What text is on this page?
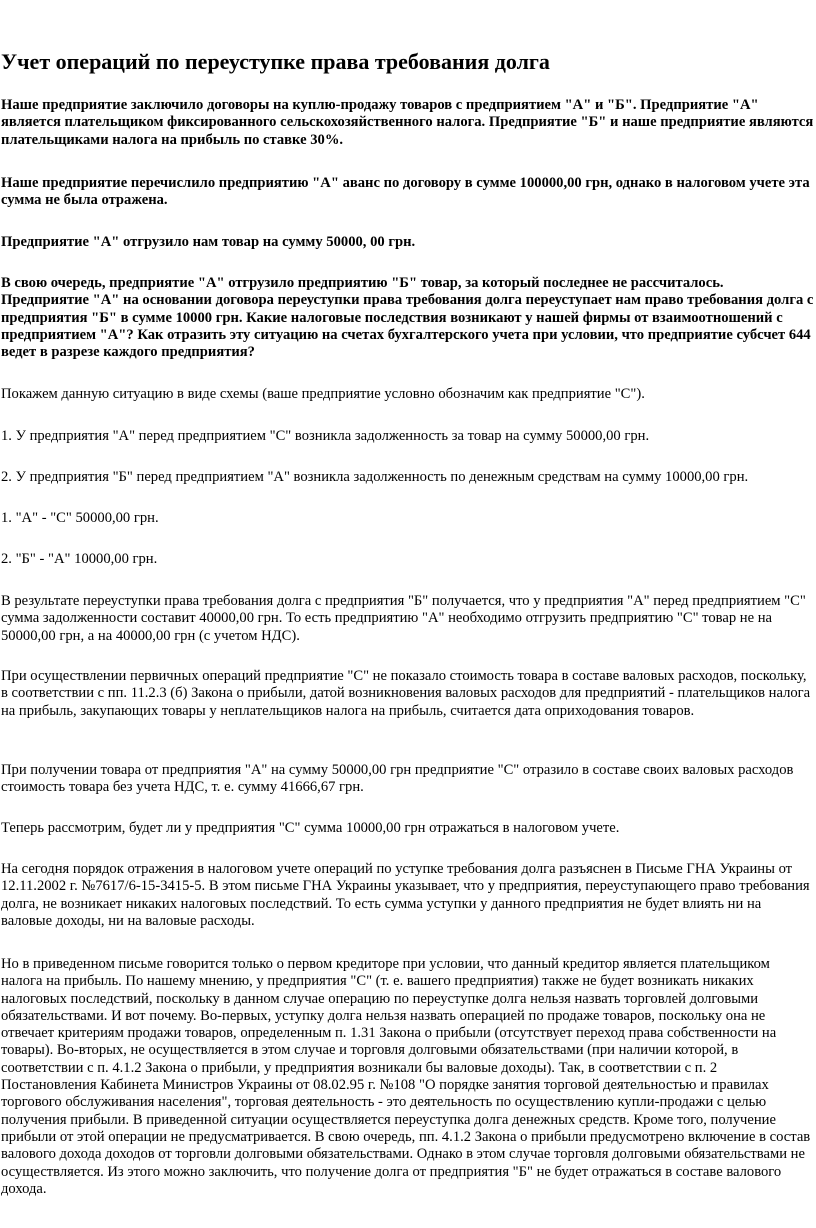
Учет операций по переуступке права требования долга

Наше предприятие заключило договоры на куплю-продажу товаров с предприятием "А" и "Б". Предприятие "А" является плательщиком фиксированного сельскохозяйственного налога. Предприятие "Б" и наше предприятие являются плательщиками налога на прибыль по ставке 30%.

Наше предприятие перечислило предприятию "А" аванс по договору в сумме 100000,00 грн, однако в налоговом учете эта сумма не была отражена.

Предприятие "А" отгрузило нам товар на сумму 50000, 00 грн.

В свою очередь, предприятие "А" отгрузило предприятию "Б" товар, за который последнее не рассчиталось. Предприятие "А" на основании договора переуступки права требования долга переуступает нам право требования долга с предприятия "Б" в сумме 10000 грн. Какие налоговые последствия возникают у нашей фирмы от взаимоотношений с предприятием "А"? Как отразить эту ситуацию на счетах бухгалтерского учета при условии, что предприятие субсчет 644 ведет в разрезе каждого предприятия?

Покажем данную ситуацию в виде схемы (ваше предприятие условно обозначим как предприятие "С").

1. У предприятия "А" перед предприятием "С" возникла задолженность за товар на сумму 50000,00 грн.

2. У предприятия "Б" перед предприятием "А" возникла задолженность по денежным средствам на сумму 10000,00 грн.

1. "А" - "С" 50000,00 грн.

2. "Б" - "А" 10000,00 грн.

В результате переуступки права требования долга с предприятия "Б" получается, что у предприятия "А" перед предприятием "С" сумма задолженности составит 40000,00 грн. То есть предприятию "А" необходимо отгрузить предприятию "С" товар не на 50000,00 грн, а на 40000,00 грн (с учетом НДС).

При осуществлении первичных операций предприятие "С" не показало стоимость товара в составе валовых расходов, поскольку, в соответствии с пп. 11.2.3 (б) Закона о прибыли, датой возникновения валовых расходов для предприятий - плательщиков налога на прибыль, закупающих товары у неплательщиков налога на прибыль, считается дата оприходования товаров.

При получении товара от предприятия "А" на сумму 50000,00 грн предприятие "С" отразило в составе своих валовых расходов стоимость товара без учета НДС, т. е. сумму 41666,67 грн.

Теперь рассмотрим, будет ли у предприятия "С" сумма 10000,00 грн отражаться в налоговом учете.

На сегодня порядок отражения в налоговом учете операций по уступке требования долга разъяснен в Письме ГНА Украины от 12.11.2002 г. №7617/6-15-3415-5. В этом письме ГНА Украины указывает, что у предприятия, переуступающего право требования долга, не возникает никаких налоговых последствий. То есть сумма уступки у данного предприятия не будет влиять ни на валовые доходы, ни на валовые расходы.

Но в приведенном письме говорится только о первом кредиторе при условии, что данный кредитор является плательщиком налога на прибыль. По нашему мнению, у предприятия "С" (т. е. вашего предприятия) также не будет возникать никаких налоговых последствий, поскольку в данном случае операцию по переуступке долга нельзя назвать торговлей долговыми обязательствами. И вот почему. Во-первых, уступку долга нельзя назвать операцией по продаже товаров, поскольку она не отвечает критериям продажи товаров, определенным п. 1.31 Закона о прибыли (отсутствует переход права собственности на товары). Во-вторых, не осуществляется в этом случае и торговля долговыми обязательствами (при наличии которой, в соответствии с п. 4.1.2 Закона о прибыли, у предприятия возникали бы валовые доходы). Так, в соответствии с п. 2 Постановления Кабинета Министров Украины от 08.02.95 г. №108 "О порядке занятия торговой деятельностью и правилах торгового обслуживания населения", торговая деятельность - это деятельность по осуществлению купли-продажи с целью получения прибыли. В приведенной ситуации осуществляется переуступка долга денежных средств. Кроме того, получение прибыли от этой операции не предусматривается. В свою очередь, пп. 4.1.2 Закона о прибыли предусмотрено включение в состав валового дохода доходов от торговли долговыми обязательствами. Однако в этом случае торговля долговыми обязательствами не осуществляется. Из этого можно заключить, что получение долга от предприятия "Б" не будет отражаться в составе валового дохода.
